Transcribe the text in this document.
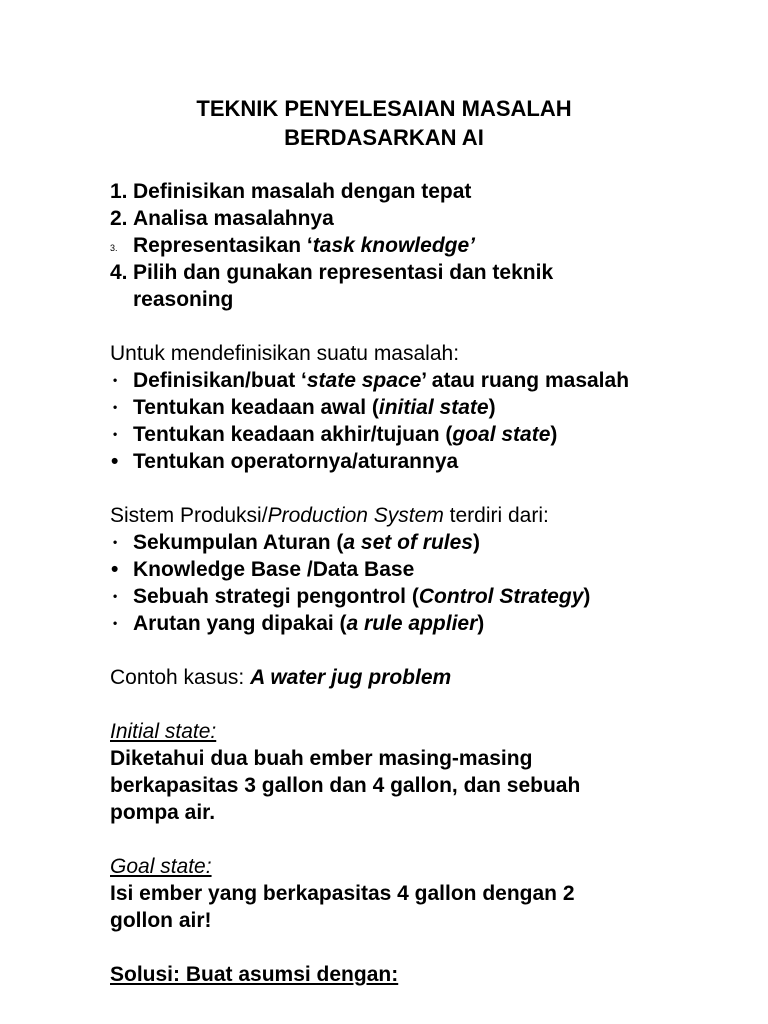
TEKNIK PENYELESAIAN MASALAH
BERDASARKAN AI
1. Definisikan masalah dengan tepat
2. Analisa masalahnya
3. Representasikan ‘task knowledge’
4. Pilih dan gunakan representasi dan teknik
reasoning
Untuk mendefinisikan suatu masalah:
• Definisikan/buat ‘state space’ atau ruang masalah
• Tentukan keadaan awal (initial state)
• Tentukan keadaan akhir/tujuan (goal state)
• Tentukan operatornya/aturannya
Sistem Produksi/Production System terdiri dari:
• Sekumpulan Aturan (a set of rules)
• Knowledge Base /Data Base
• Sebuah strategi pengontrol (Control Strategy)
• Arutan yang dipakai (a rule applier)
Contoh kasus: A water jug problem
Initial state:
Diketahui dua buah ember masing-masing
berkapasitas 3 gallon dan 4 gallon, dan sebuah
pompa air.
Goal state:
Isi ember yang berkapasitas 4 gallon dengan 2
gollon air!
Solusi: Buat asumsi dengan:
